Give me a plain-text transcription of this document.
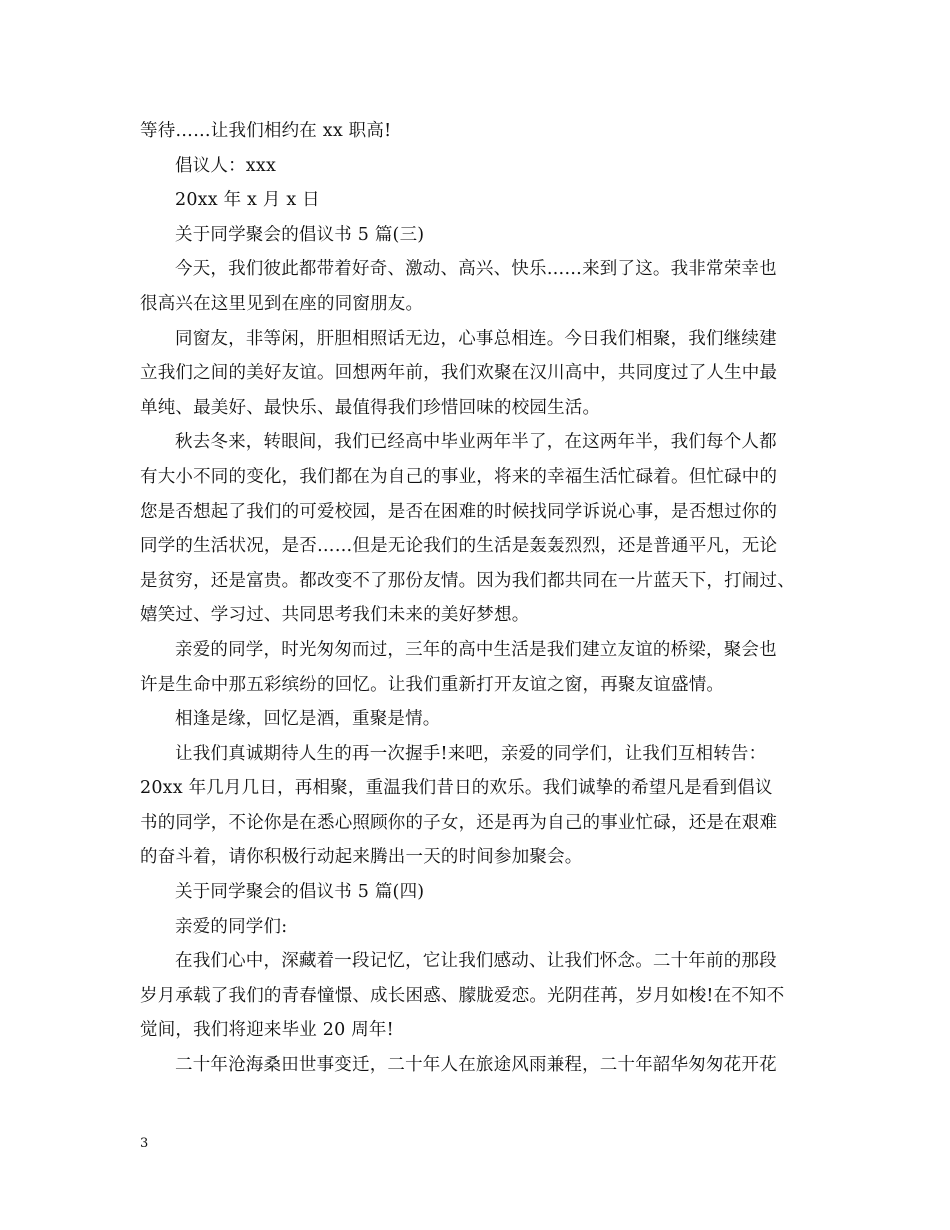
等待……让我们相约在 xx 职高!
倡议人：xxx
20xx 年 x 月 x 日
关于同学聚会的倡议书 5 篇(三)
今天，我们彼此都带着好奇、激动、高兴、快乐……来到了这。我非常荣幸也
很高兴在这里见到在座的同窗朋友。
同窗友，非等闲，肝胆相照话无边，心事总相连。今日我们相聚，我们继续建
立我们之间的美好友谊。回想两年前，我们欢聚在汉川高中，共同度过了人生中最
单纯、最美好、最快乐、最值得我们珍惜回味的校园生活。
秋去冬来，转眼间，我们已经高中毕业两年半了，在这两年半，我们每个人都
有大小不同的变化，我们都在为自己的事业，将来的幸福生活忙碌着。但忙碌中的
您是否想起了我们的可爱校园，是否在困难的时候找同学诉说心事，是否想过你的
同学的生活状况，是否……但是无论我们的生活是轰轰烈烈，还是普通平凡，无论
是贫穷，还是富贵。都改变不了那份友情。因为我们都共同在一片蓝天下，打闹过、
嬉笑过、学习过、共同思考我们未来的美好梦想。
亲爱的同学，时光匆匆而过，三年的高中生活是我们建立友谊的桥梁，聚会也
许是生命中那五彩缤纷的回忆。让我们重新打开友谊之窗，再聚友谊盛情。
相逢是缘，回忆是酒，重聚是情。
让我们真诚期待人生的再一次握手!来吧，亲爱的同学们，让我们互相转告：
20xx 年几月几日，再相聚，重温我们昔日的欢乐。我们诚挚的希望凡是看到倡议
书的同学，不论你是在悉心照顾你的子女，还是再为自己的事业忙碌，还是在艰难
的奋斗着，请你积极行动起来腾出一天的时间参加聚会。
关于同学聚会的倡议书 5 篇(四)
亲爱的同学们:
在我们心中，深藏着一段记忆，它让我们感动、让我们怀念。二十年前的那段
岁月承载了我们的青春憧憬、成长困惑、朦胧爱恋。光阴荏苒，岁月如梭!在不知不
觉间，我们将迎来毕业 20 周年!
二十年沧海桑田世事变迁，二十年人在旅途风雨兼程，二十年韶华匆匆花开花
3
